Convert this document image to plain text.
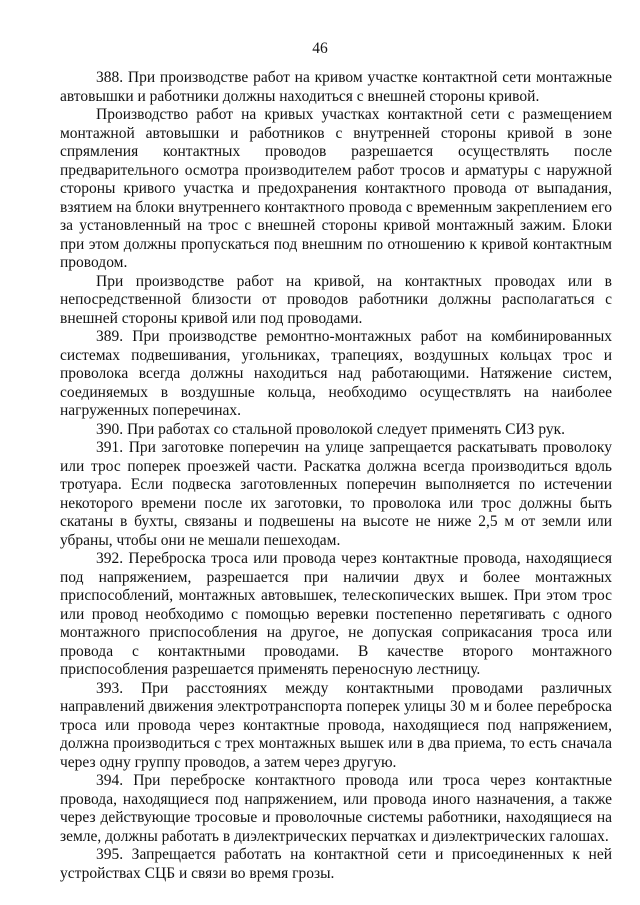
46

388. При производстве работ на кривом участке контактной сети монтажные автовышки и работники должны находиться с внешней стороны кривой.

Производство работ на кривых участках контактной сети с размещением монтажной автовышки и работников с внутренней стороны кривой в зоне спрямления контактных проводов разрешается осуществлять после предварительного осмотра производителем работ тросов и арматуры с наружной стороны кривого участка и предохранения контактного провода от выпадания, взятием на блоки внутреннего контактного провода с временным закреплением его за установленный на трос с внешней стороны кривой монтажный зажим. Блоки при этом должны пропускаться под внешним по отношению к кривой контактным проводом.

При производстве работ на кривой, на контактных проводах или в непосредственной близости от проводов работники должны располагаться с внешней стороны кривой или под проводами.

389. При производстве ремонтно-монтажных работ на комбинированных системах подвешивания, угольниках, трапециях, воздушных кольцах трос и проволока всегда должны находиться над работающими. Натяжение систем, соединяемых в воздушные кольца, необходимо осуществлять на наиболее нагруженных поперечинах.

390. При работах со стальной проволокой следует применять СИЗ рук.

391. При заготовке поперечин на улице запрещается раскатывать проволоку или трос поперек проезжей части. Раскатка должна всегда производиться вдоль тротуара. Если подвеска заготовленных поперечин выполняется по истечении некоторого времени после их заготовки, то проволока или трос должны быть скатаны в бухты, связаны и подвешены на высоте не ниже 2,5 м от земли или убраны, чтобы они не мешали пешеходам.

392. Переброска троса или провода через контактные провода, находящиеся под напряжением, разрешается при наличии двух и более монтажных приспособлений, монтажных автовышек, телескопических вышек. При этом трос или провод необходимо с помощью веревки постепенно перетягивать с одного монтажного приспособления на другое, не допуская соприкасания троса или провода с контактными проводами. В качестве второго монтажного приспособления разрешается применять переносную лестницу.

393. При расстояниях между контактными проводами различных направлений движения электротранспорта поперек улицы 30 м и более переброска троса или провода через контактные провода, находящиеся под напряжением, должна производиться с трех монтажных вышек или в два приема, то есть сначала через одну группу проводов, а затем через другую.

394. При переброске контактного провода или троса через контактные провода, находящиеся под напряжением, или провода иного назначения, а также через действующие тросовые и проволочные системы работники, находящиеся на земле, должны работать в диэлектрических перчатках и диэлектрических галошах.

395. Запрещается работать на контактной сети и присоединенных к ней устройствах СЦБ и связи во время грозы.
